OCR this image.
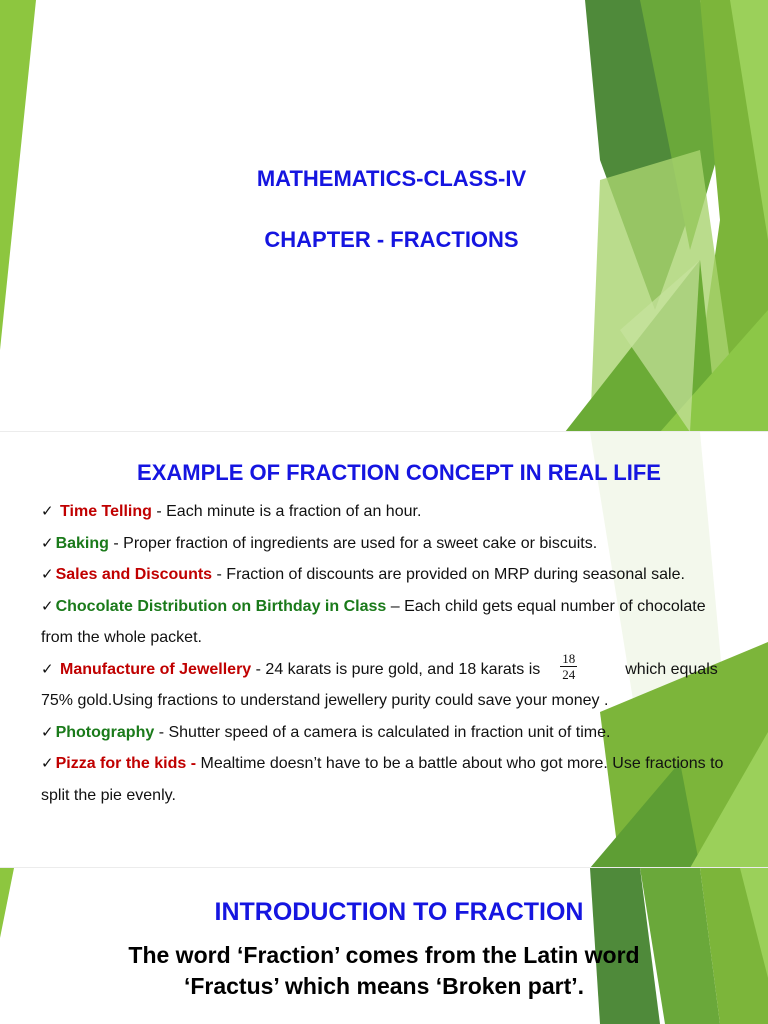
MATHEMATICS-CLASS-IV
CHAPTER - FRACTIONS
EXAMPLE OF FRACTION CONCEPT IN REAL LIFE
✓ Time Telling - Each minute is a fraction of an hour.
✓ Baking - Proper fraction of ingredients are used for a sweet cake or biscuits.
✓ Sales and Discounts - Fraction of discounts are provided on MRP during seasonal sale.
✓ Chocolate Distribution on Birthday in Class – Each child gets equal number of chocolate from the whole packet.
✓ Manufacture of Jewellery - 24 karats is pure gold, and 18 karats is $\frac{18}{24}$	which equals 75% gold.Using fractions to understand jewellery purity could save your money .
✓ Photography - Shutter speed of a camera is calculated in fraction unit of time.
✓ Pizza for the kids - Mealtime doesn’t have to be a battle about who got more. Use fractions to split the pie evenly.
INTRODUCTION TO FRACTION

The word ‘Fraction’ comes from the Latin word
‘Fractus’ which means ‘Broken part’.
